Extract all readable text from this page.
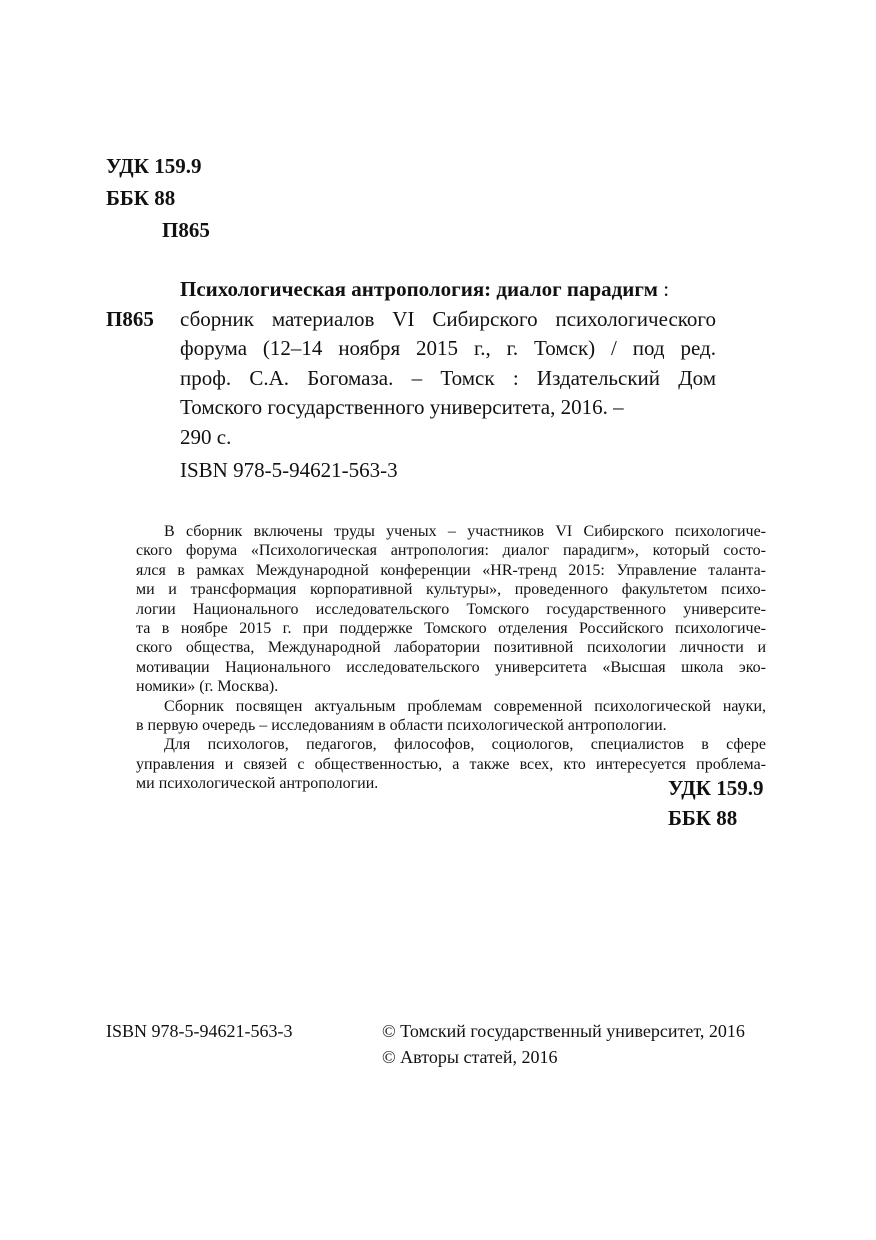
УДК 159.9
ББК 88
П865
П865
Психологическая антропология: диалог парадигм :
сборник материалов VI Сибирского психологического
форума (12–14 ноября 2015 г., г. Томск) / под ред.
проф. С.А. Богомаза. – Томск : Издательский Дом
Томского государственного университета, 2016. –
290 с.
ISBN 978-5-94621-563-3
В сборник включены труды ученых – участников VI Сибирского психологиче-
ского форума «Психологическая антропология: диалог парадигм», который состо-
ялся в рамках Международной конференции «HR-тренд 2015: Управление таланта-
ми и трансформация корпоративной культуры», проведенного факультетом психо-
логии Национального исследовательского Томского государственного университе-
та в ноябре 2015 г. при поддержке Томского отделения Российского психологиче-
ского общества, Международной лаборатории позитивной психологии личности и
мотивации Национального исследовательского университета «Высшая школа эко-
номики» (г. Москва).
Сборник посвящен актуальным проблемам современной психологической науки,
в первую очередь – исследованиям в области психологической антропологии.
Для психологов, педагогов, философов, социологов, специалистов в сфере
управления и связей с общественностью, а также всех, кто интересуется проблема-
ми психологической антропологии.	УДК 159.9
ББК 88
ISBN 978-5-94621-563-3	© Томский государственный университет, 2016
© Авторы статей, 2016
